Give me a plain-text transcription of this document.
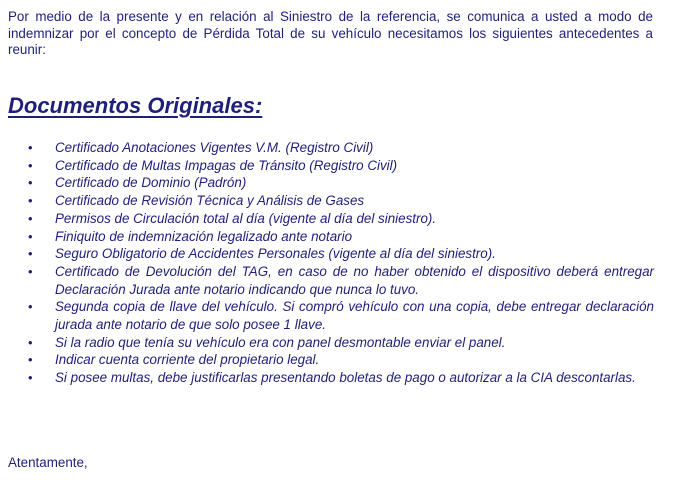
Por medio de la presente y en relación al Siniestro de la referencia, se comunica a usted a modo de indemnizar por el concepto de Pérdida Total de su vehículo necesitamos los siguientes antecedentes a reunir:

Documentos Originales:
• Certificado Anotaciones Vigentes V.M. (Registro Civil)
• Certificado de Multas Impagas de Tránsito (Registro Civil)
• Certificado de Dominio (Padrón)
• Certificado de Revisión Técnica y Análisis de Gases
• Permisos de Circulación total al día (vigente al día del siniestro).
• Finiquito de indemnización legalizado ante notario
• Seguro Obligatorio de Accidentes Personales (vigente al día del siniestro).
• Certificado de Devolución del TAG, en caso de no haber obtenido el dispositivo deberá entregar Declaración Jurada ante notario indicando que nunca lo tuvo.
• Segunda copia de llave del vehículo. Si compró vehículo con una copia, debe entregar declaración jurada ante notario de que solo posee 1 llave.
• Si la radio que tenía su vehículo era con panel desmontable enviar el panel.
• Indicar cuenta corriente del propietario legal.
• Si posee multas, debe justificarlas presentando boletas de pago o autorizar a la CIA descontarlas.

Atentamente,
